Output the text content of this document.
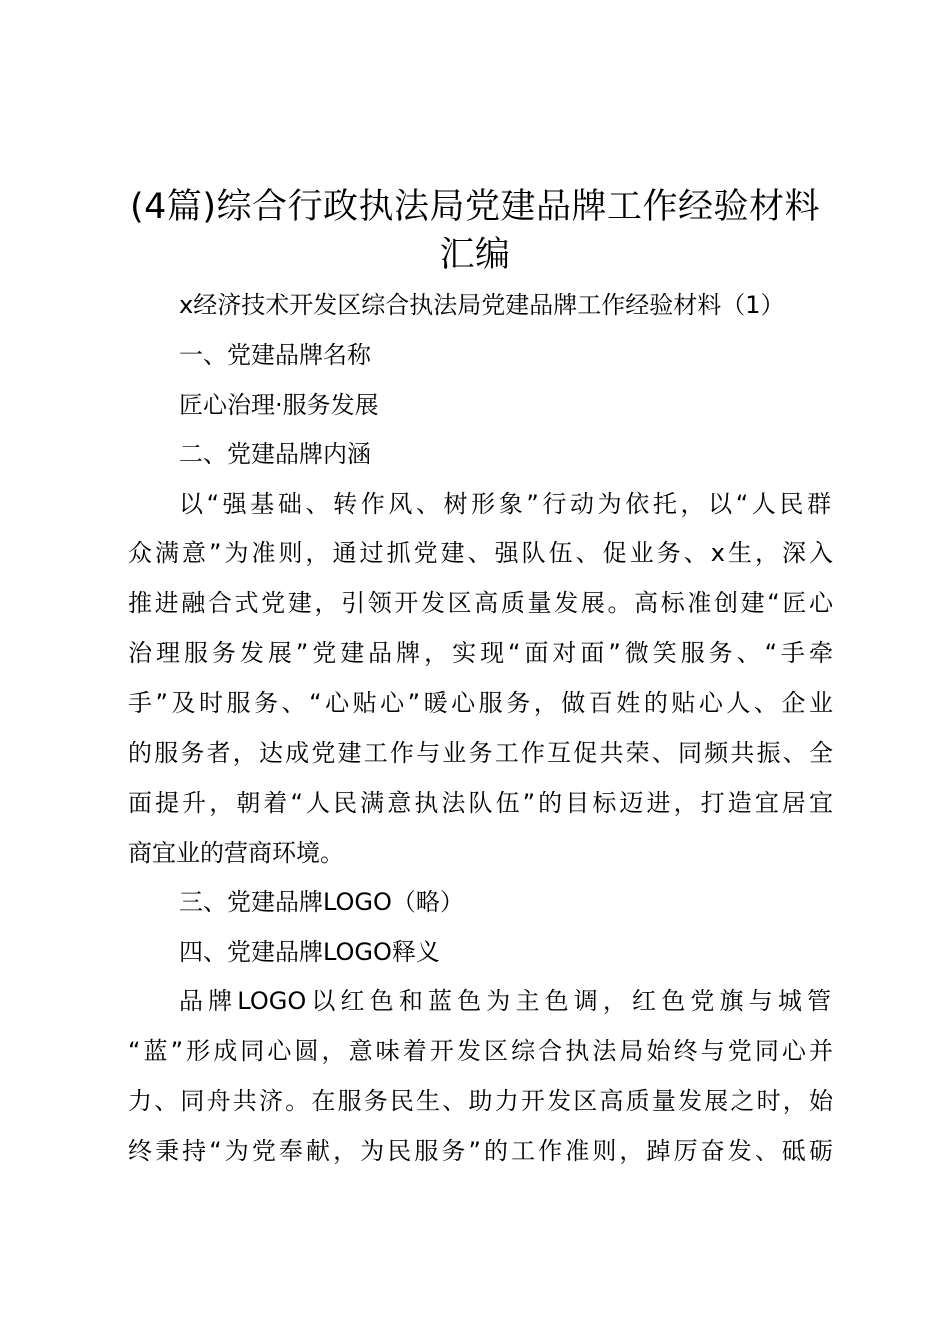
(4篇)综合行政执法局党建品牌工作经验材料
汇编
x经济技术开发区综合执法局党建品牌工作经验材料（1）
一、党建品牌名称
匠心治理·服务发展
二、党建品牌内涵
以“强基础、转作风、树形象”行动为依托，以“人民群
众满意”为准则，通过抓党建、强队伍、促业务、x生，深入
推进融合式党建，引领开发区高质量发展。高标准创建“匠心
治理服务发展”党建品牌，实现“面对面”微笑服务、“手牵
手”及时服务、“心贴心”暖心服务，做百姓的贴心人、企业
的服务者，达成党建工作与业务工作互促共荣、同频共振、全
面提升，朝着“人民满意执法队伍”的目标迈进，打造宜居宜
商宜业的营商环境。
三、党建品牌LOGO（略）
四、党建品牌LOGO释义
品牌LOGO以红色和蓝色为主色调，红色党旗与城管
“蓝”形成同心圆，意味着开发区综合执法局始终与党同心并
力、同舟共济。在服务民生、助力开发区高质量发展之时，始
终秉持“为党奉献，为民服务”的工作准则，踔厉奋发、砥砺
